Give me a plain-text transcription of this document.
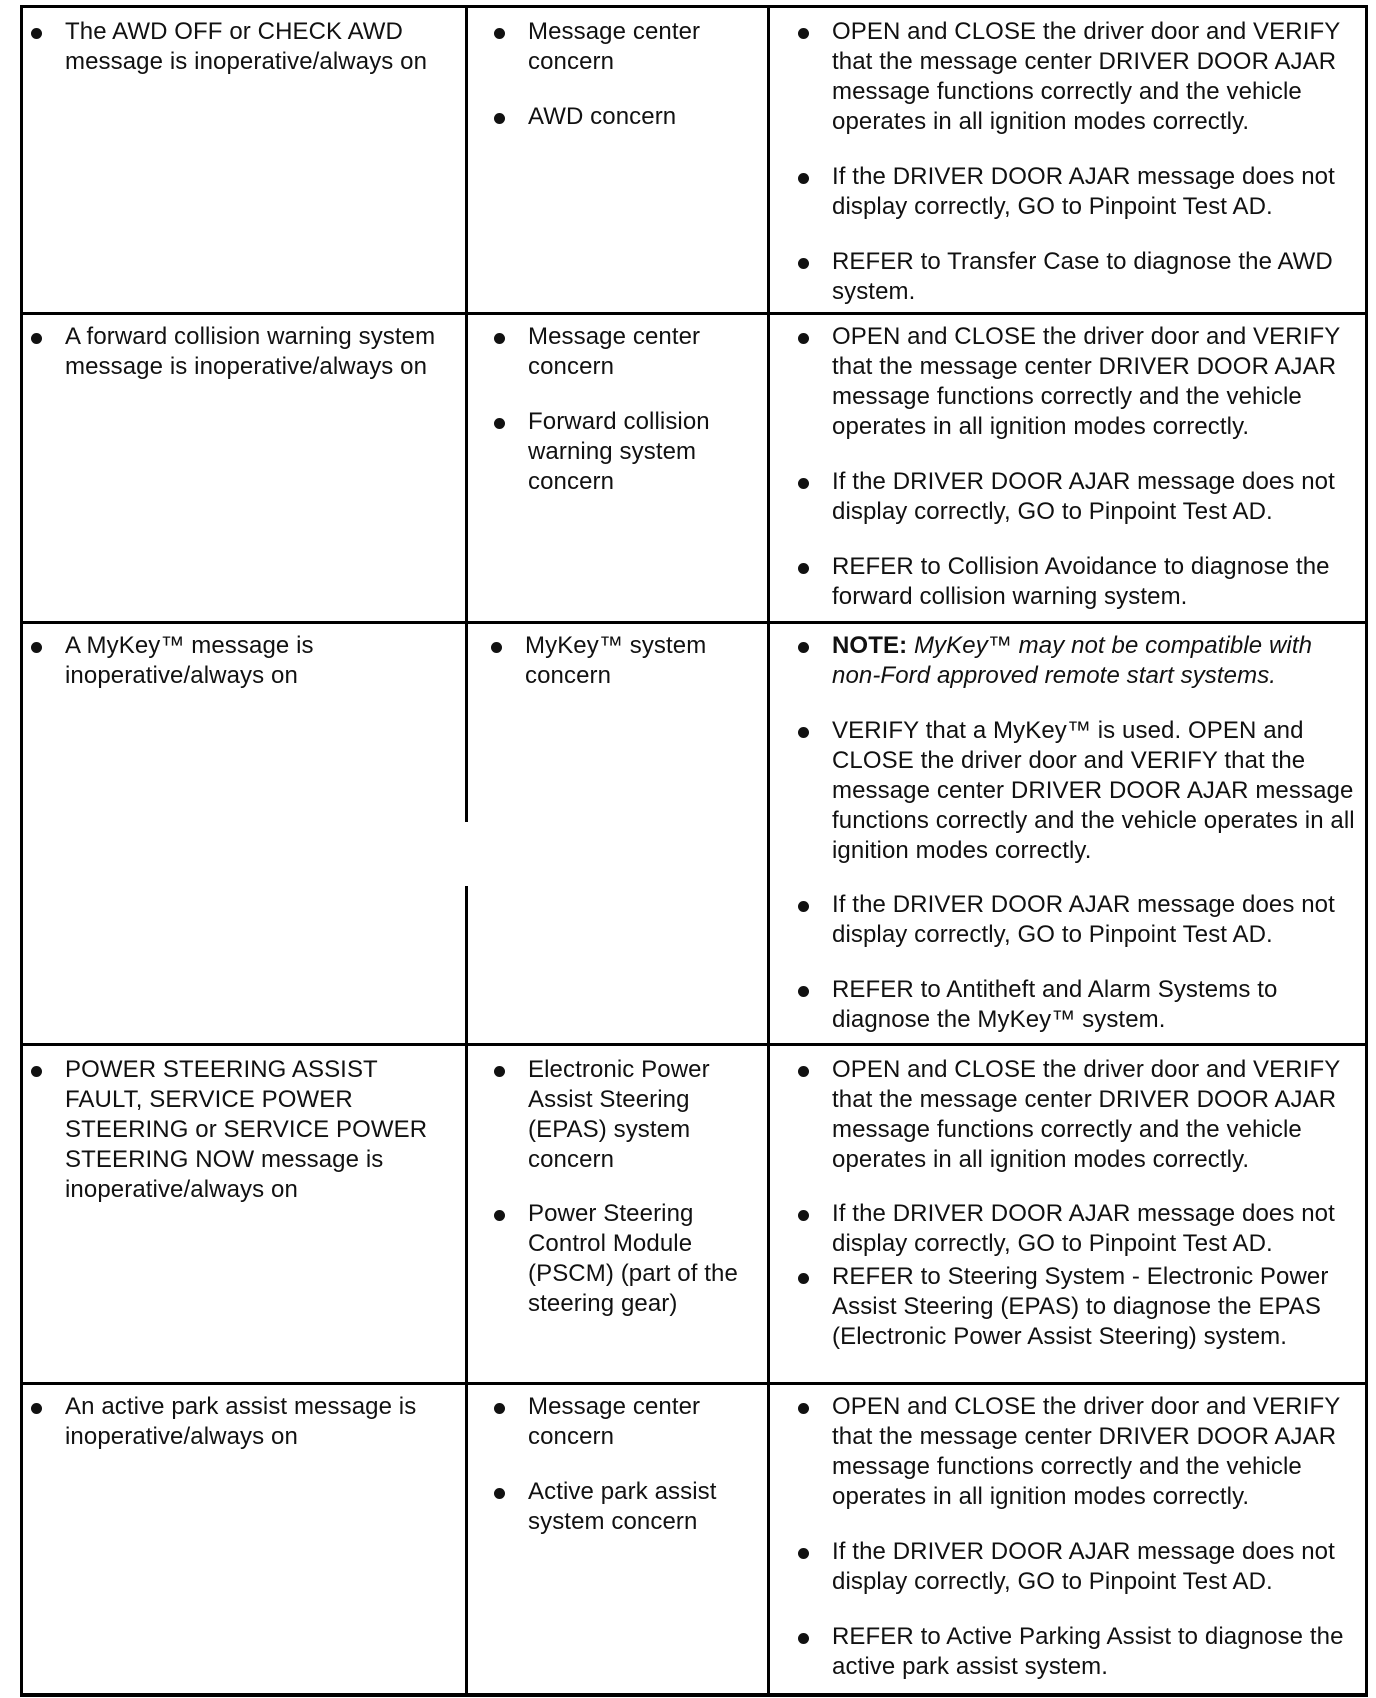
The AWD OFF or CHECK AWD message is inoperative/always on
Message center concern
AWD concern
OPEN and CLOSE the driver door and VERIFY that the message center DRIVER DOOR AJAR message functions correctly and the vehicle operates in all ignition modes correctly.
If the DRIVER DOOR AJAR message does not display correctly, GO to Pinpoint Test AD.
REFER to Transfer Case to diagnose the AWD system.
A forward collision warning system message is inoperative/always on
Message center concern
Forward collision warning system concern
OPEN and CLOSE the driver door and VERIFY that the message center DRIVER DOOR AJAR message functions correctly and the vehicle operates in all ignition modes correctly.
If the DRIVER DOOR AJAR message does not display correctly, GO to Pinpoint Test AD.
REFER to Collision Avoidance to diagnose the forward collision warning system.
A MyKey™ message is inoperative/always on
MyKey™ system concern
NOTE: MyKey™ may not be compatible with non-Ford approved remote start systems.
VERIFY that a MyKey™ is used. OPEN and CLOSE the driver door and VERIFY that the message center DRIVER DOOR AJAR message functions correctly and the vehicle operates in all ignition modes correctly.
If the DRIVER DOOR AJAR message does not display correctly, GO to Pinpoint Test AD.
REFER to Antitheft and Alarm Systems to diagnose the MyKey™ system.
POWER STEERING ASSIST FAULT, SERVICE POWER STEERING or SERVICE POWER STEERING NOW message is inoperative/always on
Electronic Power Assist Steering (EPAS) system concern
Power Steering Control Module (PSCM) (part of the steering gear)
OPEN and CLOSE the driver door and VERIFY that the message center DRIVER DOOR AJAR message functions correctly and the vehicle operates in all ignition modes correctly.
If the DRIVER DOOR AJAR message does not display correctly, GO to Pinpoint Test AD.
REFER to Steering System - Electronic Power Assist Steering (EPAS) to diagnose the EPAS (Electronic Power Assist Steering) system.
An active park assist message is inoperative/always on
Message center concern
Active park assist system concern
OPEN and CLOSE the driver door and VERIFY that the message center DRIVER DOOR AJAR message functions correctly and the vehicle operates in all ignition modes correctly.
If the DRIVER DOOR AJAR message does not display correctly, GO to Pinpoint Test AD.
REFER to Active Parking Assist to diagnose the active park assist system.
